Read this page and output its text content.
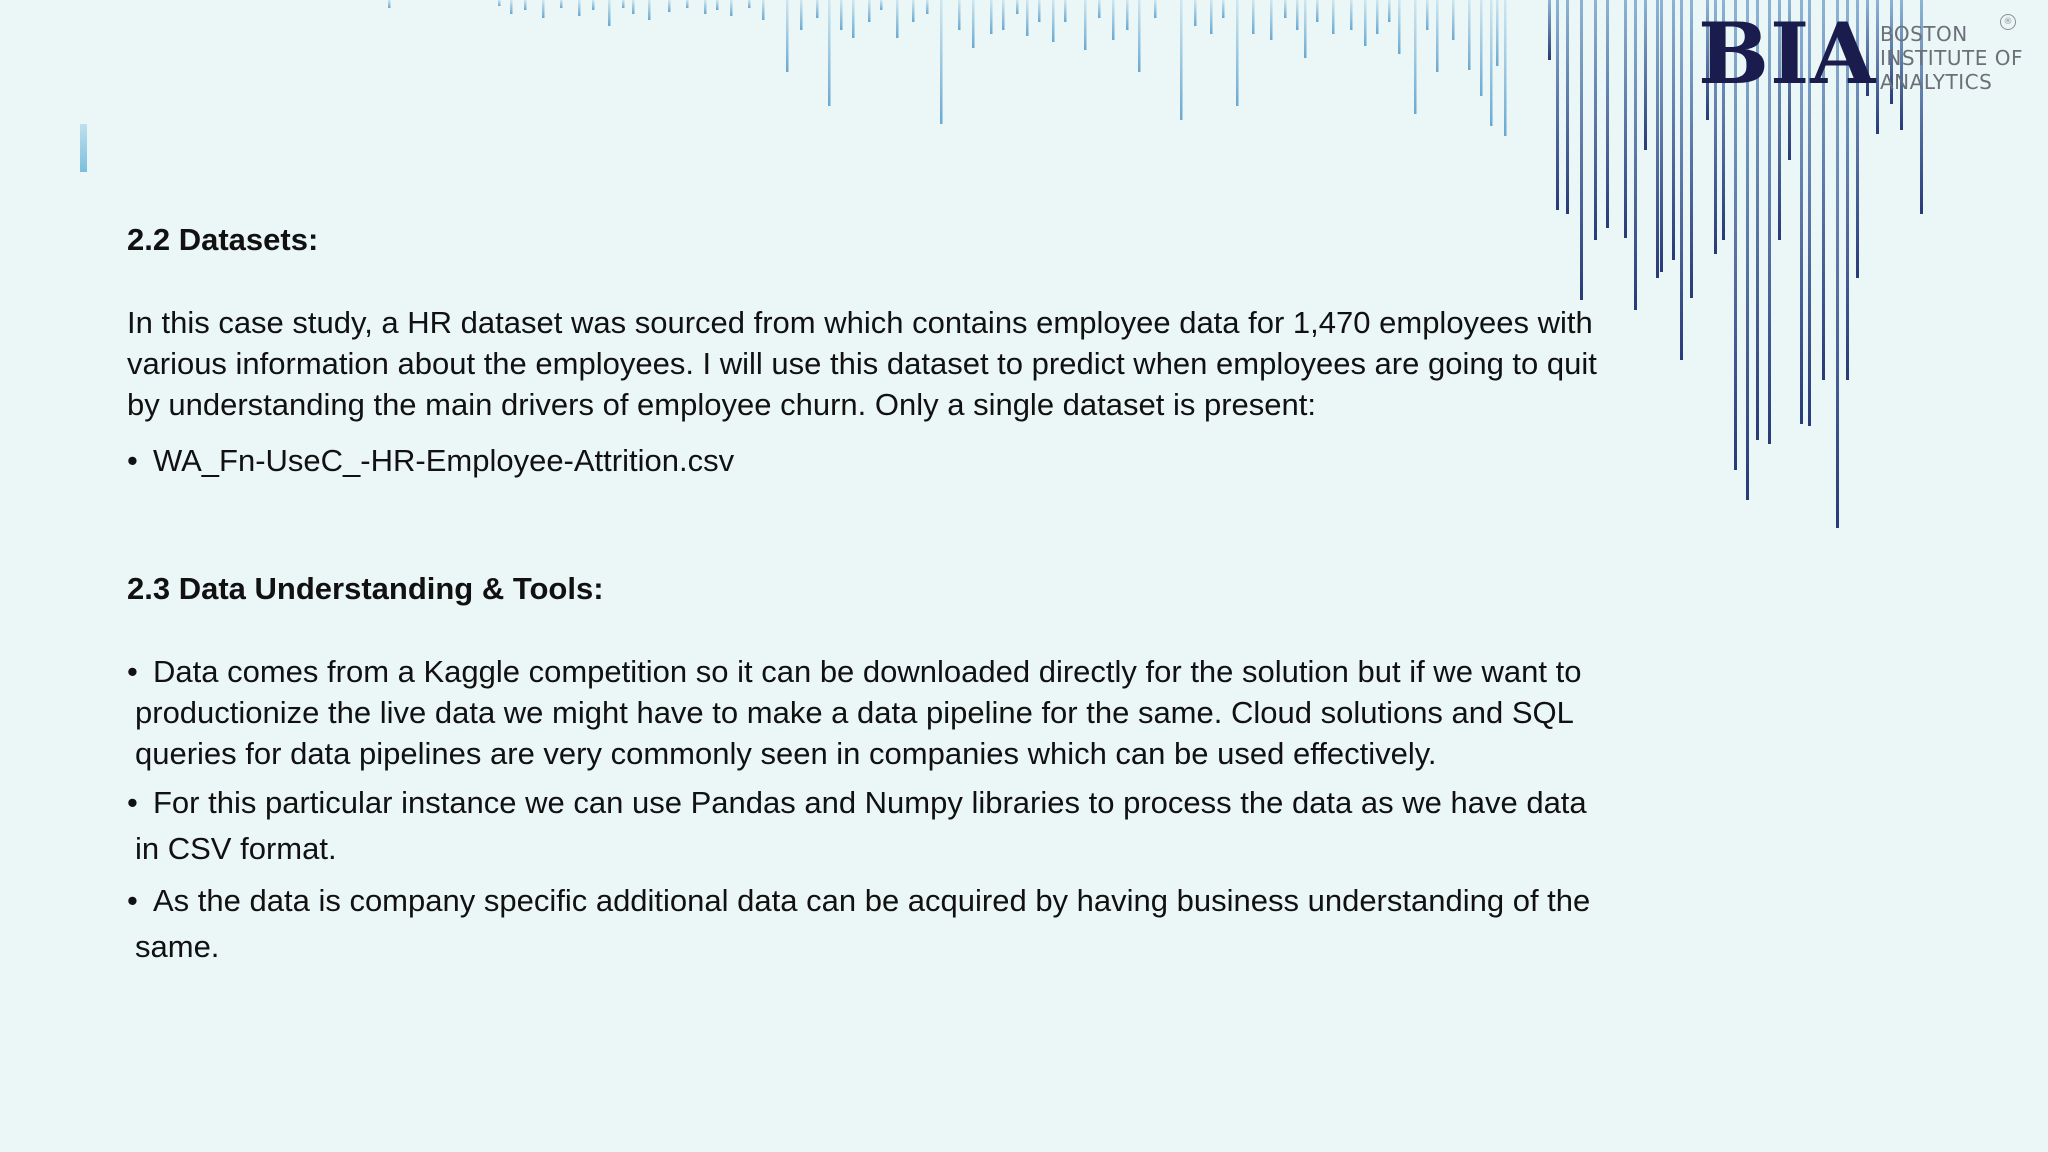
BIA BOSTON
INSTITUTE OF
ANALYTICS
®
2.2 Datasets:
In this case study, a HR dataset was sourced from which contains employee data for 1,470 employees with various information about the employees. I will use this dataset to predict when employees are going to quit by understanding the main drivers of employee churn. Only a single dataset is present:
• WA_Fn-UseC_-HR-Employee-Attrition.csv
2.3 Data Understanding & Tools:
• Data comes from a Kaggle competition so it can be downloaded directly for the solution but if we want to productionize the live data we might have to make a data pipeline for the same. Cloud solutions and SQL queries for data pipelines are very commonly seen in companies which can be used effectively.
• For this particular instance we can use Pandas and Numpy libraries to process the data as we have data in CSV format.
• As the data is company specific additional data can be acquired by having business understanding of the same.
